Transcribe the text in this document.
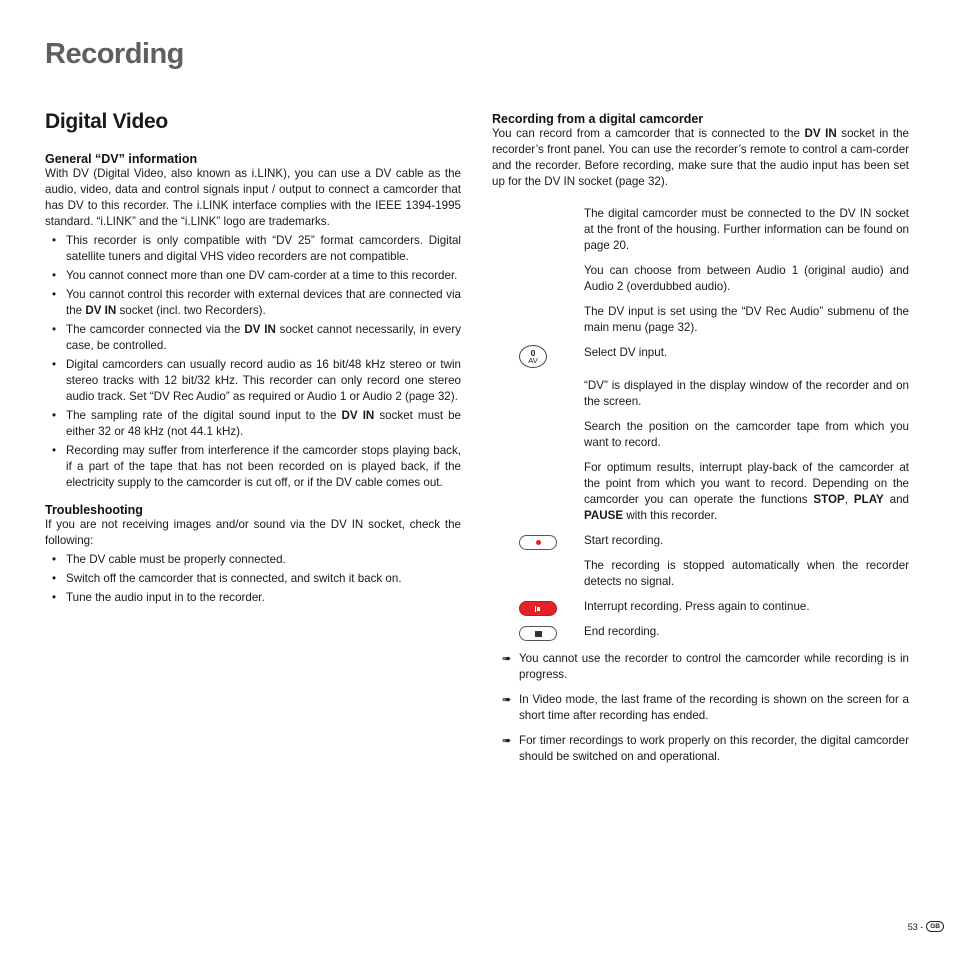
Recording
Digital Video
General “DV” information

With DV (Digital Video, also known as i.LINK), you can use a DV cable as the audio, video, data and control signals input / output to connect a camcorder that has DV to this recorder. The i.LINK interface complies with the IEEE 1394-1995 standard. “i.LINK” and the “i.LINK” logo are trademarks.

• This recorder is only compatible with “DV 25” format camcorders. Digital satellite tuners and digital VHS video recorders are not compatible.
• You cannot connect more than one DV cam-corder at a time to this recorder.
• You cannot control this recorder with external devices that are connected via the DV IN socket (incl. two Recorders).
• The camcorder connected via the DV IN socket cannot necessarily, in every case, be controlled.
• Digital camcorders can usually record audio as 16 bit/48 kHz stereo or twin stereo tracks with 12 bit/32 kHz. This recorder can only record one stereo audio track. Set “DV Rec Audio” as required or Audio 1 or Audio 2 (page 32).
• The sampling rate of the digital sound input to the DV IN socket must be either 32 or 48 kHz (not 44.1 kHz).
• Recording may suffer from interference if the camcorder stops playing back, if a part of the tape that has not been recorded on is played back, if the electricity supply to the camcorder is cut off, or if the DV cable comes out.
Troubleshooting

If you are not receiving images and/or sound via the DV IN socket, check the following:

• The DV cable must be properly connected.
• Switch off the camcorder that is connected, and switch it back on.
• Tune the audio input in to the recorder.
Recording from a digital camcorder

You can record from a camcorder that is connected to the DV IN socket in the recorder’s front panel. You can use the recorder’s remote to control a cam-corder and the recorder. Before recording, make sure that the audio input has been set up for the DV IN socket (page 32).

The digital camcorder must be connected to the DV IN socket at the front of the housing. Further information can be found on page 20.

You can choose from between Audio 1 (original audio) and Audio 2 (overdubbed audio).

The DV input is set using the “DV Rec Audio” submenu of the main menu (page 32).

0
AV

Select DV input.

“DV” is displayed in the display window of the recorder and on the screen.

Search the position on the camcorder tape from which you want to record.

For optimum results, interrupt play-back of the camcorder at the point from which you want to record. Depending on the camcorder you can operate the functions STOP, PLAY and PAUSE with this recorder.

Start recording.

The recording is stopped automatically when the recorder detects no signal.

Interrupt recording. Press again to continue.

End recording.

➠ You cannot use the recorder to control the camcorder while recording is in progress.

➠ In Video mode, the last frame of the recording is shown on the screen for a short time after recording has ended.

➠ For timer recordings to work properly on this recorder, the digital camcorder should be switched on and operational.

53 -	GB
